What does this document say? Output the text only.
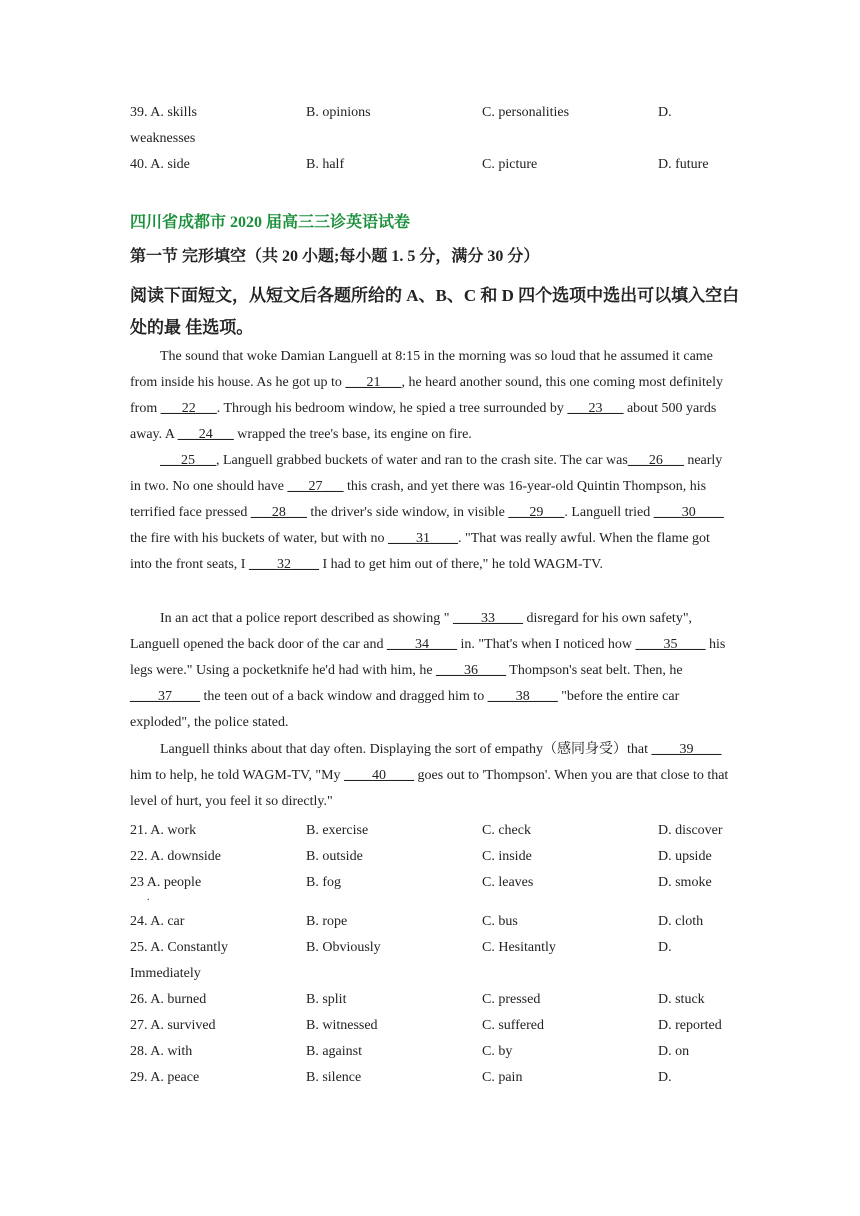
39. A. skills	B. opinions	C. personalities	D.
weaknesses
40. A. side	B. half	C. picture	D. future
四川省成都市 2020 届高三三诊英语试卷
第一节 完形填空（共 20 小题;每小题 1. 5 分，满分 30 分）
阅读下面短文，从短文后各题所给的 A、B、C 和 D 四个选项中选出可以填入空白处的最 佳选项。
The sound that woke Damian Languell at 8:15 in the morning was so loud that he assumed it came from inside his house. As he got up to ___21___, he heard another sound, this one coming most definitely from ___22___. Through his bedroom window, he spied a tree surrounded by ___23___ about 500 yards away. A ___24___ wrapped the tree's base, its engine on fire.
___25___, Languell grabbed buckets of water and ran to the crash site. The car was___26___ nearly in two. No one should have ___27___ this crash, and yet there was 16-year-old Quintin Thompson, his terrified face pressed ___28___ the driver's side window, in visible ___29___. Languell tried ____30____ the fire with his buckets of water, but with no ____31____. "That was really awful. When the flame got into the front seats, I ____32____ I had to get him out of there," he told WAGM-TV.
In an act that a police report described as showing " ____33____ disregard for his own safety", Languell opened the back door of the car and ____34____ in. "That's when I noticed how ____35____ his legs were." Using a pocketknife he'd had with him, he ____36____ Thompson's seat belt. Then, he ____37____ the teen out of a back window and dragged him to ____38____ "before the entire car exploded", the police stated.
Languell thinks about that day often. Displaying the sort of empathy（感同身受）that ____39____ him to help, he told WAGM-TV, "My ____40____ goes out to 'Thompson'. When you are that close to that level of hurt, you feel it so directly."
21. A. work	B. exercise	C. check	D. discover
22. A. downside	B. outside	C. inside	D. upside
23 A. people	B. fog	C. leaves	D. smoke
.
24. A. car	B. rope	C. bus	D. cloth
25. A. Constantly	B. Obviously	C. Hesitantly	D.
Immediately
26. A. burned	B. split	C. pressed	D. stuck
27. A. survived	B. witnessed	C. suffered	D. reported
28. A. with	B. against	C. by	D. on
29. A. peace	B. silence	C. pain	D.
